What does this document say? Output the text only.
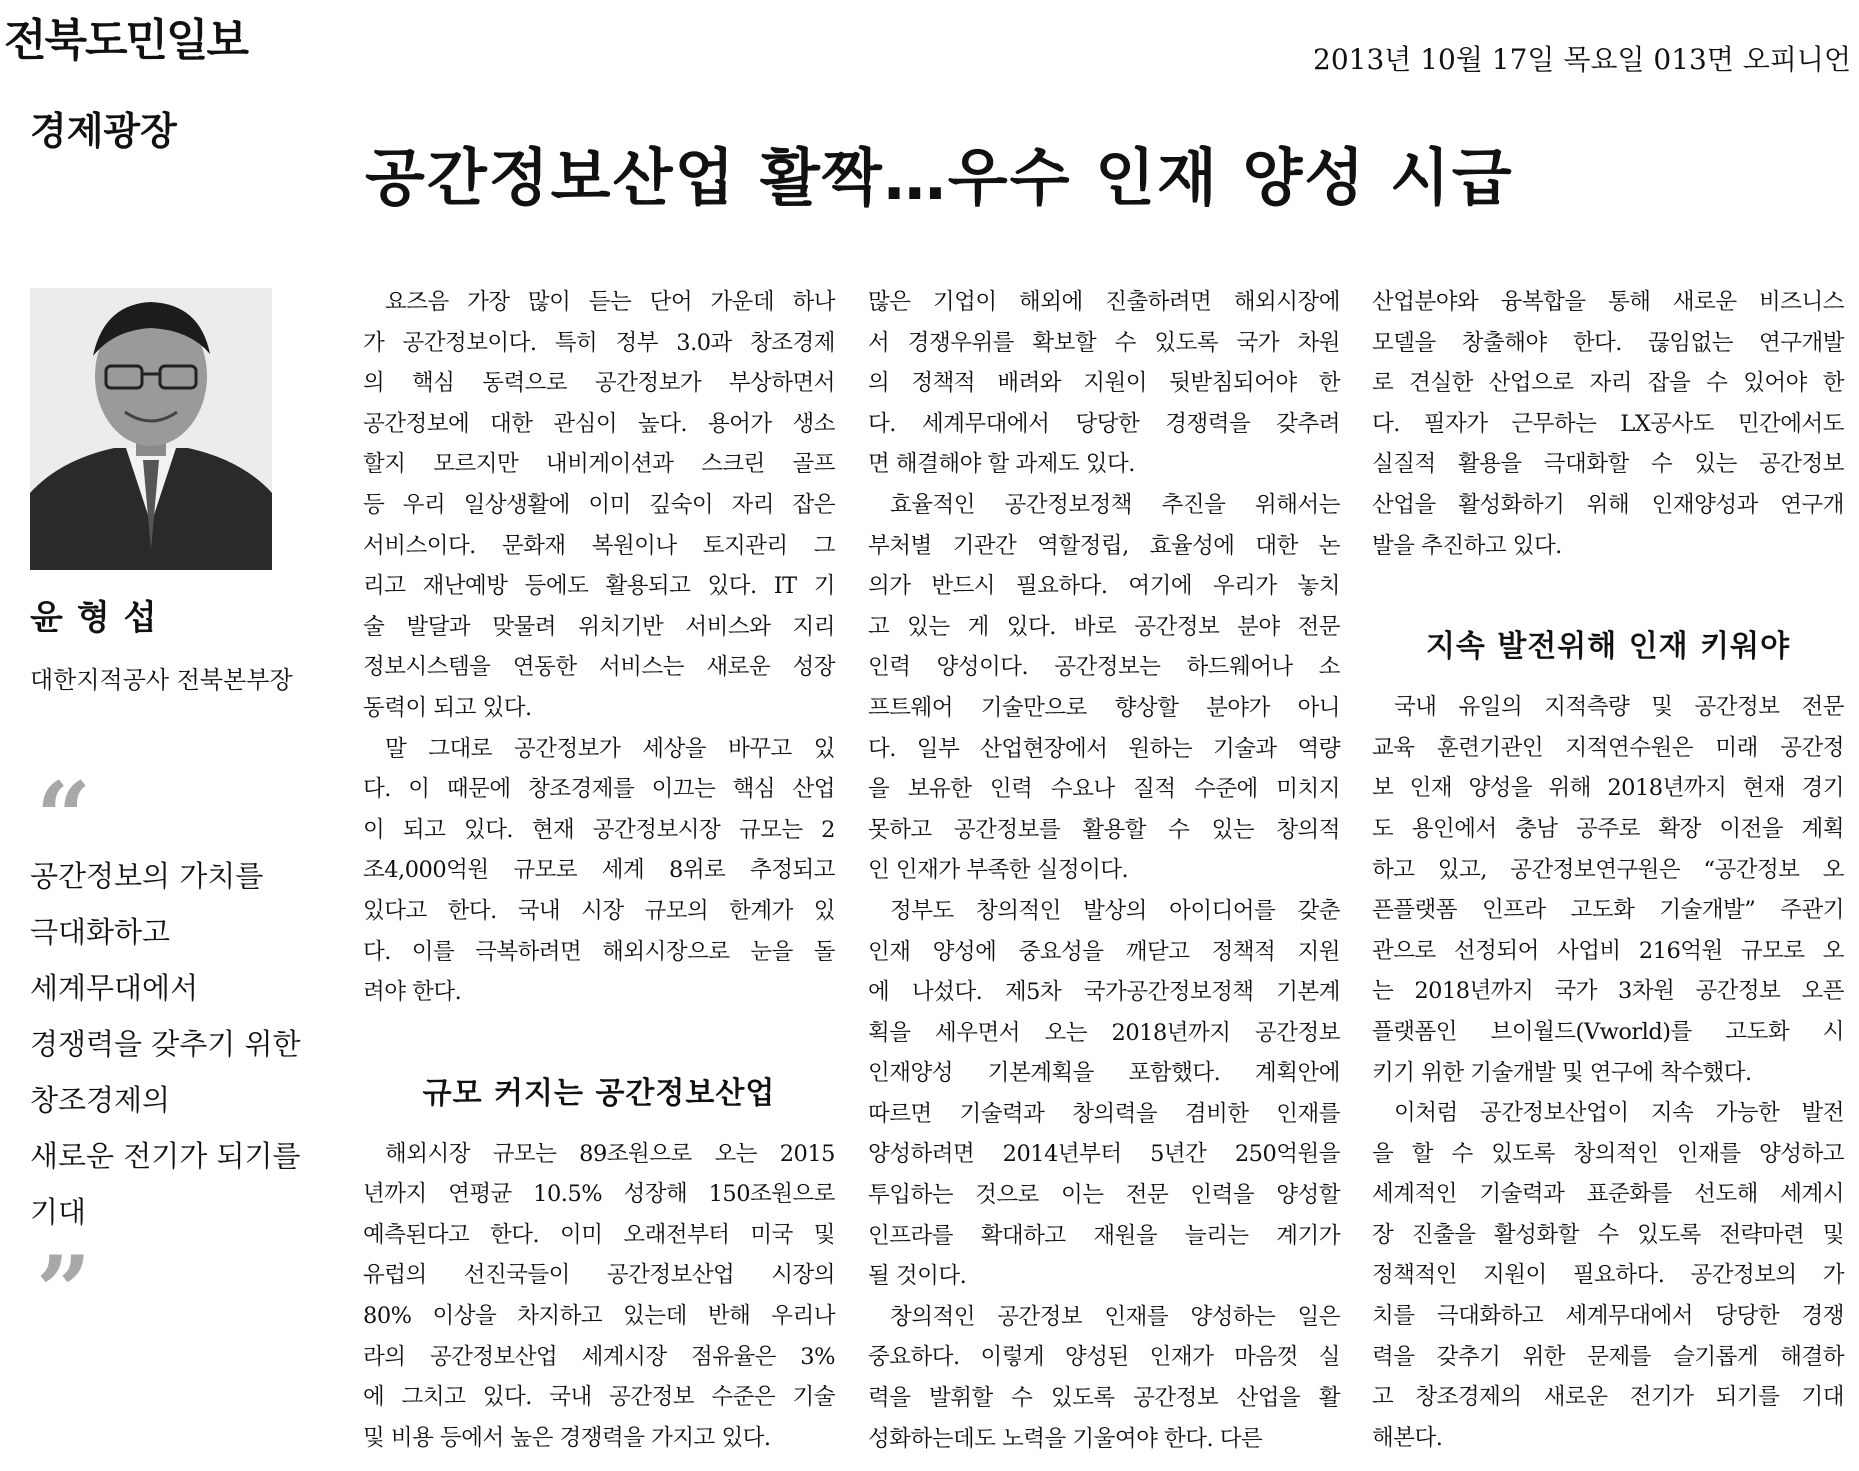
전북도민일보	2013년 10월 17일 목요일 013면 오피니언
경제광장
공간정보산업 활짝…우수 인재 양성 시급
윤형섭
대한지적공사 전북본부장
“
공간정보의 가치를
극대화하고
세계무대에서
경쟁력을 갖추기 위한
창조경제의
새로운 전기가 되기를
기대
”

　요즈음 가장 많이 듣는 단어 가운데 하나
가 공간정보이다. 특히 정부 3.0과 창조경제
의 핵심 동력으로 공간정보가 부상하면서
공간정보에 대한 관심이 높다. 용어가 생소
할지 모르지만 내비게이션과 스크린 골프
등 우리 일상생활에 이미 깊숙이 자리 잡은
서비스이다. 문화재 복원이나 토지관리 그
리고 재난예방 등에도 활용되고 있다. IT 기
술 발달과 맞물려 위치기반 서비스와 지리
정보시스템을 연동한 서비스는 새로운 성장
동력이 되고 있다.

　말 그대로 공간정보가 세상을 바꾸고 있
다. 이 때문에 창조경제를 이끄는 핵심 산업
이 되고 있다. 현재 공간정보시장 규모는 2
조4,000억원 규모로 세계 8위로 추정되고
있다고 한다. 국내 시장 규모의 한계가 있
다. 이를 극복하려면 해외시장으로 눈을 돌
려야 한다.

규모 커지는 공간정보산업

　해외시장 규모는 89조원으로 오는 2015
년까지 연평균 10.5% 성장해 150조원으로
예측된다고 한다. 이미 오래전부터 미국 및
유럽의 선진국들이 공간정보산업 시장의
80% 이상을 차지하고 있는데 반해 우리나
라의 공간정보산업 세계시장 점유율은 3%
에 그치고 있다. 국내 공간정보 수준은 기술
및 비용 등에서 높은 경쟁력을 가지고 있다.

많은 기업이 해외에 진출하려면 해외시장에
서 경쟁우위를 확보할 수 있도록 국가 차원
의 정책적 배려와 지원이 뒷받침되어야 한
다. 세계무대에서 당당한 경쟁력을 갖추려
면 해결해야 할 과제도 있다.

　효율적인 공간정보정책 추진을 위해서는
부처별 기관간 역할정립, 효율성에 대한 논
의가 반드시 필요하다. 여기에 우리가 놓치
고 있는 게 있다. 바로 공간정보 분야 전문
인력 양성이다. 공간정보는 하드웨어나 소
프트웨어 기술만으로 향상할 분야가 아니
다. 일부 산업현장에서 원하는 기술과 역량
을 보유한 인력 수요나 질적 수준에 미치지
못하고 공간정보를 활용할 수 있는 창의적
인 인재가 부족한 실정이다.

　정부도 창의적인 발상의 아이디어를 갖춘
인재 양성에 중요성을 깨닫고 정책적 지원
에 나섰다. 제5차 국가공간정보정책 기본계
획을 세우면서 오는 2018년까지 공간정보
인재양성 기본계획을 포함했다. 계획안에
따르면 기술력과 창의력을 겸비한 인재를
양성하려면 2014년부터 5년간 250억원을
투입하는 것으로 이는 전문 인력을 양성할
인프라를 확대하고 재원을 늘리는 계기가
될 것이다.

　창의적인 공간정보 인재를 양성하는 일은
중요하다. 이렇게 양성된 인재가 마음껏 실
력을 발휘할 수 있도록 공간정보 산업을 활
성화하는데도 노력을 기울여야 한다. 다른

산업분야와 융복합을 통해 새로운 비즈니스
모델을 창출해야 한다. 끊임없는 연구개발
로 견실한 산업으로 자리 잡을 수 있어야 한
다. 필자가 근무하는 LX공사도 민간에서도
실질적 활용을 극대화할 수 있는 공간정보
산업을 활성화하기 위해 인재양성과 연구개
발을 추진하고 있다.

지속 발전위해 인재 키워야

　국내 유일의 지적측량 및 공간정보 전문
교육 훈련기관인 지적연수원은 미래 공간정
보 인재 양성을 위해 2018년까지 현재 경기
도 용인에서 충남 공주로 확장 이전을 계획
하고 있고, 공간정보연구원은 “공간정보 오
픈플랫폼 인프라 고도화 기술개발” 주관기
관으로 선정되어 사업비 216억원 규모로 오
는 2018년까지 국가 3차원 공간정보 오픈
플랫폼인 브이월드(Vworld)를 고도화 시
키기 위한 기술개발 및 연구에 착수했다.

　이처럼 공간정보산업이 지속 가능한 발전
을 할 수 있도록 창의적인 인재를 양성하고
세계적인 기술력과 표준화를 선도해 세계시
장 진출을 활성화할 수 있도록 전략마련 및
정책적인 지원이 필요하다. 공간정보의 가
치를 극대화하고 세계무대에서 당당한 경쟁
력을 갖추기 위한 문제를 슬기롭게 해결하
고 창조경제의 새로운 전기가 되기를 기대
해본다.
